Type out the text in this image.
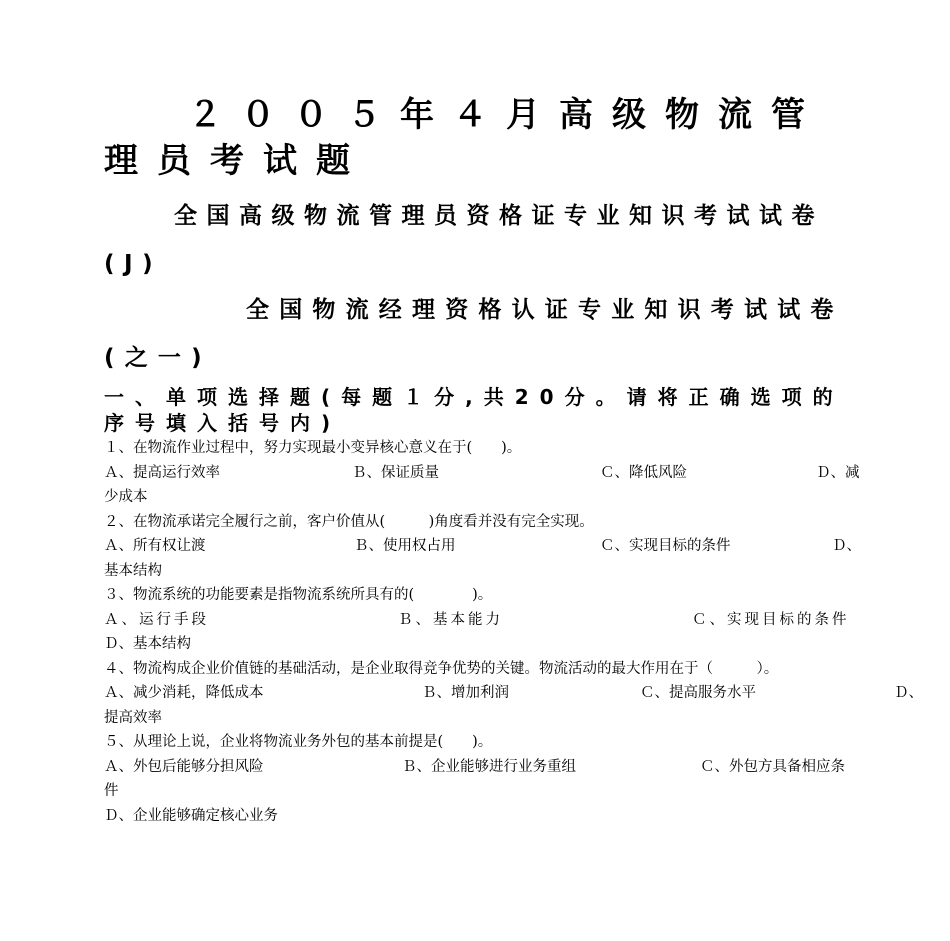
２００５年４月高级物流管理员考试题
全国高级物流管理员资格证专业知识考试试卷(J)
全国物流经理资格认证专业知识考试试卷(之一)
一、单项选择题(每题１分,共20分。请将正确选项的序号填入括号内)
１、在物流作业过程中，努力实现最小变异核心意义在于(　　)。
Ａ、提高运行效率	Ｂ、保证质量	Ｃ、降低风险	Ｄ、减
少成本
２、在物流承诺完全履行之前，客户价值从(　　　)角度看并没有完全实现。
Ａ、所有权让渡	Ｂ、使用权占用	Ｃ、实现目标的条件	Ｄ、
基本结构
３、物流系统的功能要素是指物流系统所具有的(　　　　)。
Ａ、运行手段	Ｂ、基本能力	Ｃ、实现目标的条件
Ｄ、基本结构
４、物流构成企业价值链的基础活动，是企业取得竞争优势的关键。物流活动的最大作用在于（　　　）。
Ａ、减少消耗，降低成本	Ｂ、增加利润	Ｃ、提高服务水平	Ｄ、
提高效率
５、从理论上说，企业将物流业务外包的基本前提是(　　)。
Ａ、外包后能够分担风险	Ｂ、企业能够进行业务重组	Ｃ、外包方具备相应条
件
Ｄ、企业能够确定核心业务
